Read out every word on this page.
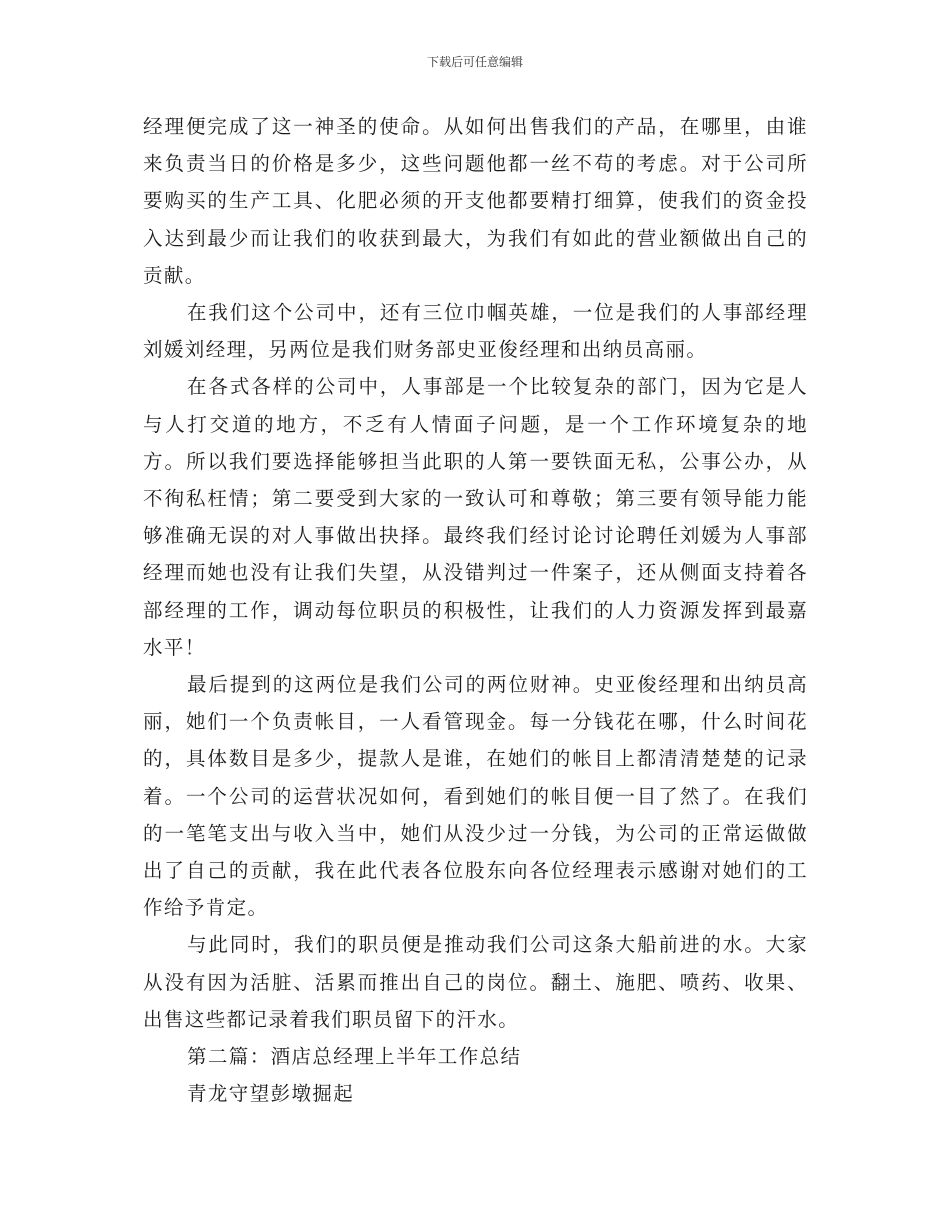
下载后可任意编辑

经理便完成了这一神圣的使命。从如何出售我们的产品，在哪里，由谁来负责当日的价格是多少，这些问题他都一丝不苟的考虑。对于公司所要购买的生产工具、化肥必须的开支他都要精打细算，使我们的资金投入达到最少而让我们的收获到最大，为我们有如此的营业额做出自己的贡献。

在我们这个公司中，还有三位巾帼英雄，一位是我们的人事部经理刘媛刘经理，另两位是我们财务部史亚俊经理和出纳员高丽。

在各式各样的公司中，人事部是一个比较复杂的部门，因为它是人与人打交道的地方，不乏有人情面子问题，是一个工作环境复杂的地方。所以我们要选择能够担当此职的人第一要铁面无私，公事公办，从不徇私枉情；第二要受到大家的一致认可和尊敬；第三要有领导能力能够准确无误的对人事做出抉择。最终我们经讨论讨论聘任刘媛为人事部经理而她也没有让我们失望，从没错判过一件案子，还从侧面支持着各部经理的工作，调动每位职员的积极性，让我们的人力资源发挥到最嘉水平！

最后提到的这两位是我们公司的两位财神。史亚俊经理和出纳员高丽，她们一个负责帐目，一人看管现金。每一分钱花在哪，什么时间花的，具体数目是多少，提款人是谁，在她们的帐目上都清清楚楚的记录着。一个公司的运营状况如何，看到她们的帐目便一目了然了。在我们的一笔笔支出与收入当中，她们从没少过一分钱，为公司的正常运做做出了自己的贡献，我在此代表各位股东向各位经理表示感谢对她们的工作给予肯定。

与此同时，我们的职员便是推动我们公司这条大船前进的水。大家从没有因为活脏、活累而推出自己的岗位。翻土、施肥、喷药、收果、出售这些都记录着我们职员留下的汗水。

第二篇：酒店总经理上半年工作总结

青龙守望彭墩掘起
